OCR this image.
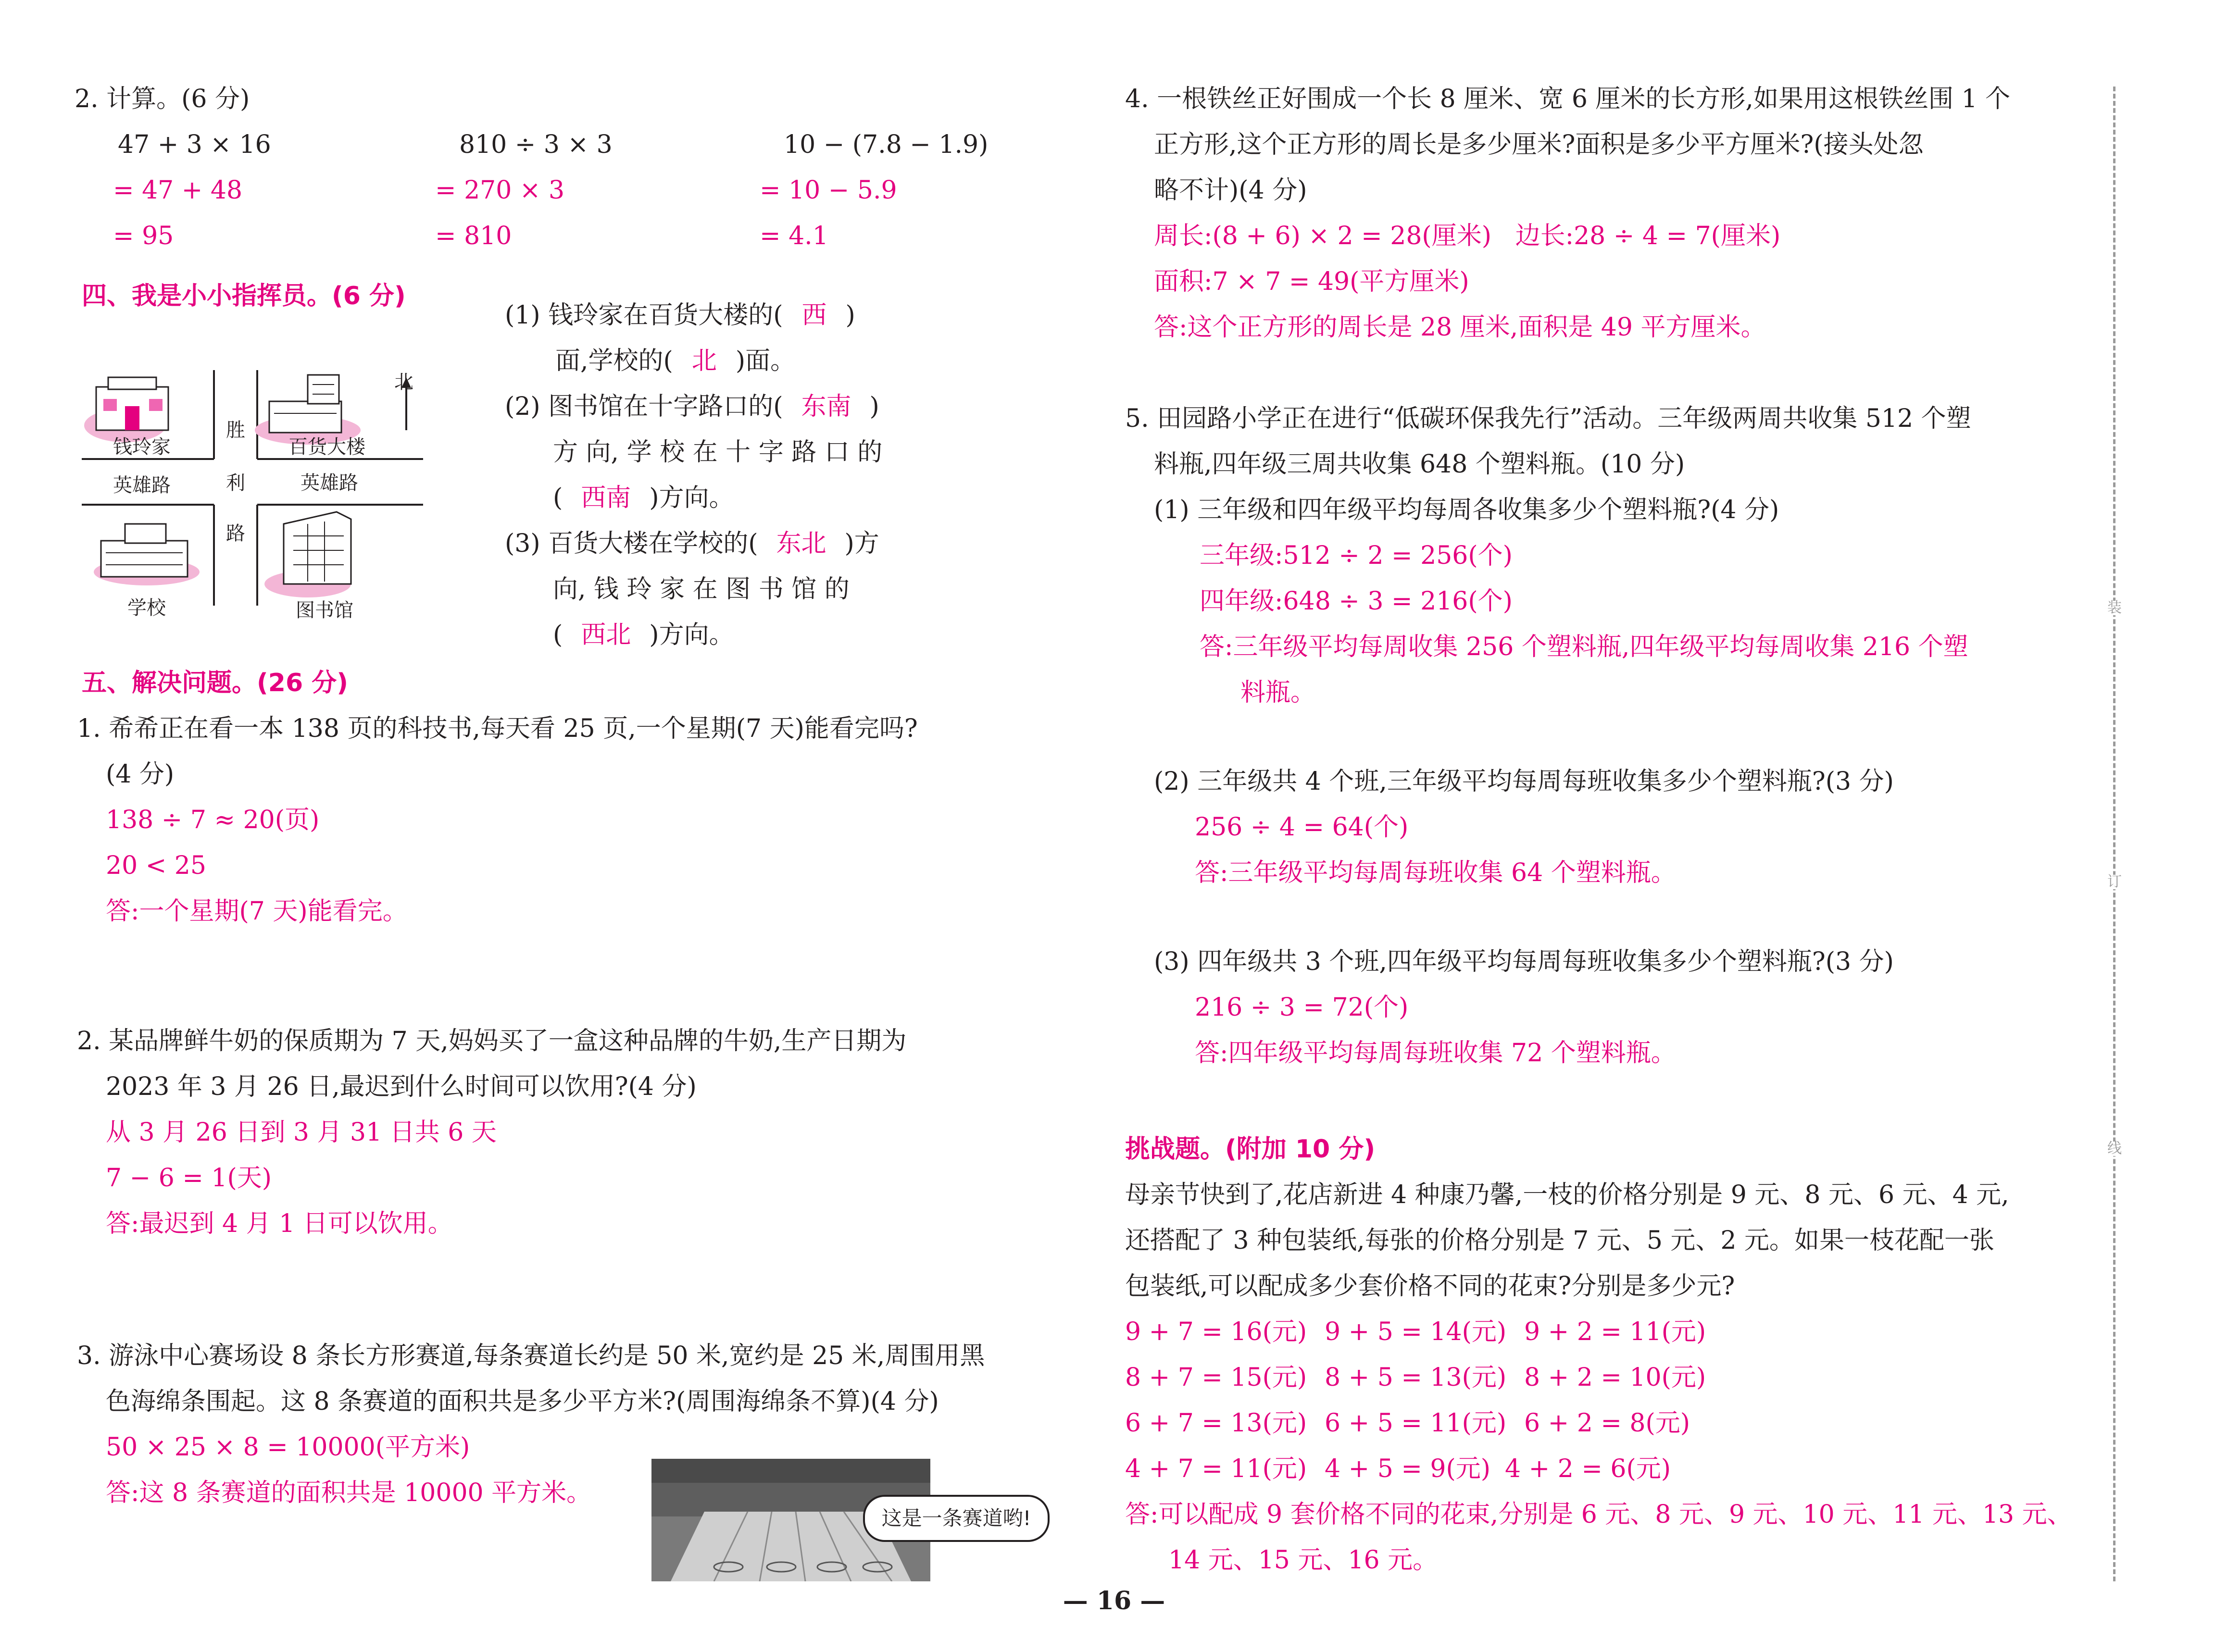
2. 计算。(6 分)
47 + 3 × 16
= 47 + 48
= 95
810 ÷ 3 × 3
= 270 × 3
= 810
10 − (7.8 − 1.9)
= 10 − 5.9
= 4.1
四、我是小小指挥员。(6 分)
北
钱玲家	百货大楼
英雄路	英雄路
胜
利
路
学校	图书馆
(1) 钱玲家在百货大楼的( 西 )
面,学校的( 北 )面。
(2) 图书馆在十字路口的( 东南 )
方 向, 学 校 在 十 字 路 口 的
( 西南 )方向。
(3) 百货大楼在学校的( 东北 )方
向, 钱 玲 家 在 图 书 馆 的
( 西北 )方向。
五、解决问题。(26 分)
1. 希希正在看一本 138 页的科技书,每天看 25 页,一个星期(7 天)能看完吗?
(4 分)
138 ÷ 7 ≈ 20(页)
20 < 25
答:一个星期(7 天)能看完。
2. 某品牌鲜牛奶的保质期为 7 天,妈妈买了一盒这种品牌的牛奶,生产日期为
2023 年 3 月 26 日,最迟到什么时间可以饮用?(4 分)
从 3 月 26 日到 3 月 31 日共 6 天
7 − 6 = 1(天)
答:最迟到 4 月 1 日可以饮用。
3. 游泳中心赛场设 8 条长方形赛道,每条赛道长约是 50 米,宽约是 25 米,周围用黑
色海绵条围起。这 8 条赛道的面积共是多少平方米?(周围海绵条不算)(4 分)
50 × 25 × 8 = 10000(平方米)
答:这 8 条赛道的面积共是 10000 平方米。
这是一条赛道哟!
4. 一根铁丝正好围成一个长 8 厘米、宽 6 厘米的长方形,如果用这根铁丝围 1 个
正方形,这个正方形的周长是多少厘米?面积是多少平方厘米?(接头处忽
略不计)(4 分)
周长:(8 + 6) × 2 = 28(厘米)   边长:28 ÷ 4 = 7(厘米)
面积:7 × 7 = 49(平方厘米)
答:这个正方形的周长是 28 厘米,面积是 49 平方厘米。
5. 田园路小学正在进行“低碳环保我先行”活动。三年级两周共收集 512 个塑
料瓶,四年级三周共收集 648 个塑料瓶。(10 分)
(1) 三年级和四年级平均每周各收集多少个塑料瓶?(4 分)
三年级:512 ÷ 2 = 256(个)
四年级:648 ÷ 3 = 216(个)
答:三年级平均每周收集 256 个塑料瓶,四年级平均每周收集 216 个塑
料瓶。
(2) 三年级共 4 个班,三年级平均每周每班收集多少个塑料瓶?(3 分)
256 ÷ 4 = 64(个)
答:三年级平均每周每班收集 64 个塑料瓶。
(3) 四年级共 3 个班,四年级平均每周每班收集多少个塑料瓶?(3 分)
216 ÷ 3 = 72(个)
答:四年级平均每周每班收集 72 个塑料瓶。
挑战题。(附加 10 分)
母亲节快到了,花店新进 4 种康乃馨,一枝的价格分别是 9 元、8 元、6 元、4 元,
还搭配了 3 种包装纸,每张的价格分别是 7 元、5 元、2 元。如果一枝花配一张
包装纸,可以配成多少套价格不同的花束?分别是多少元?
9 + 7 = 16(元) 9 + 5 = 14(元) 9 + 2 = 11(元)
8 + 7 = 15(元) 8 + 5 = 13(元) 8 + 2 = 10(元)
6 + 7 = 13(元) 6 + 5 = 11(元) 6 + 2 = 8(元)
4 + 7 = 11(元) 4 + 5 = 9(元) 4 + 2 = 6(元)
答:可以配成 9 套价格不同的花束,分别是 6 元、8 元、9 元、10 元、11 元、13 元、
14 元、15 元、16 元。
装
订
线
— 16 —
